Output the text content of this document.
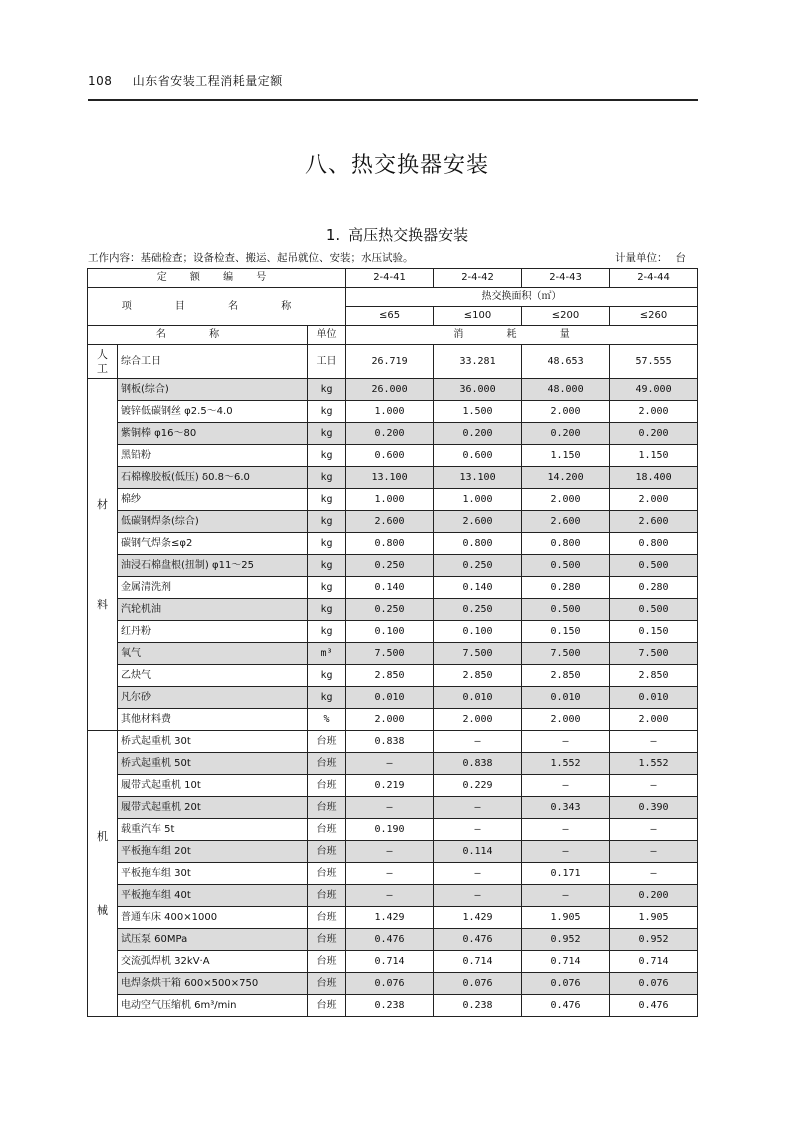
108 山东省安装工程消耗量定额
八、热交换器安装
1. 高压热交换器安装
工作内容：基础检查；设备检查、搬运、起吊就位、安装；水压试验。	计量单位： 台
定 额 编 号			2-4-41	2-4-42	2-4-43	2-4-44
项 目 名 称			热交换面积（㎡）			
			≤65	≤100	≤200	≤260
名 称		单位	消 耗 量			

人
工	综合工日	工日	26.719	33.281	48.653	57.555

材
料	钢板(综合)	kg	26.000	36.000	48.000	49.000
	镀锌低碳钢丝 φ2.5～4.0	kg	1.000	1.500	2.000	2.000
	紫铜棒 φ16～80	kg	0.200	0.200	0.200	0.200
	黑铅粉	kg	0.600	0.600	1.150	1.150
	石棉橡胶板(低压) δ0.8～6.0	kg	13.100	13.100	14.200	18.400
	棉纱	kg	1.000	1.000	2.000	2.000
	低碳钢焊条(综合)	kg	2.600	2.600	2.600	2.600
	碳钢气焊条≤φ2	kg	0.800	0.800	0.800	0.800
	油浸石棉盘根(扭制) φ11～25	kg	0.250	0.250	0.500	0.500
	金属清洗剂	kg	0.140	0.140	0.280	0.280
	汽轮机油	kg	0.250	0.250	0.500	0.500
	红丹粉	kg	0.100	0.100	0.150	0.150
	氧气	m³	7.500	7.500	7.500	7.500
	乙炔气	kg	2.850	2.850	2.850	2.850
	凡尔砂	kg	0.010	0.010	0.010	0.010
	其他材料费	%	2.000	2.000	2.000	2.000

机
械	桥式起重机 30t	台班	0.838	—	—	—
	桥式起重机 50t	台班	—	0.838	1.552	1.552
	履带式起重机 10t	台班	0.219	0.229	—	—
	履带式起重机 20t	台班	—	—	0.343	0.390
	载重汽车 5t	台班	0.190	—	—	—
	平板拖车组 20t	台班	—	0.114	—	—
	平板拖车组 30t	台班	—	—	0.171	—
	平板拖车组 40t	台班	—	—	—	0.200
	普通车床 400×1000	台班	1.429	1.429	1.905	1.905
	试压泵 60MPa	台班	0.476	0.476	0.952	0.952
	交流弧焊机 32kV·A	台班	0.714	0.714	0.714	0.714
	电焊条烘干箱 600×500×750	台班	0.076	0.076	0.076	0.076
	电动空气压缩机 6m³/min	台班	0.238	0.238	0.476	0.476
